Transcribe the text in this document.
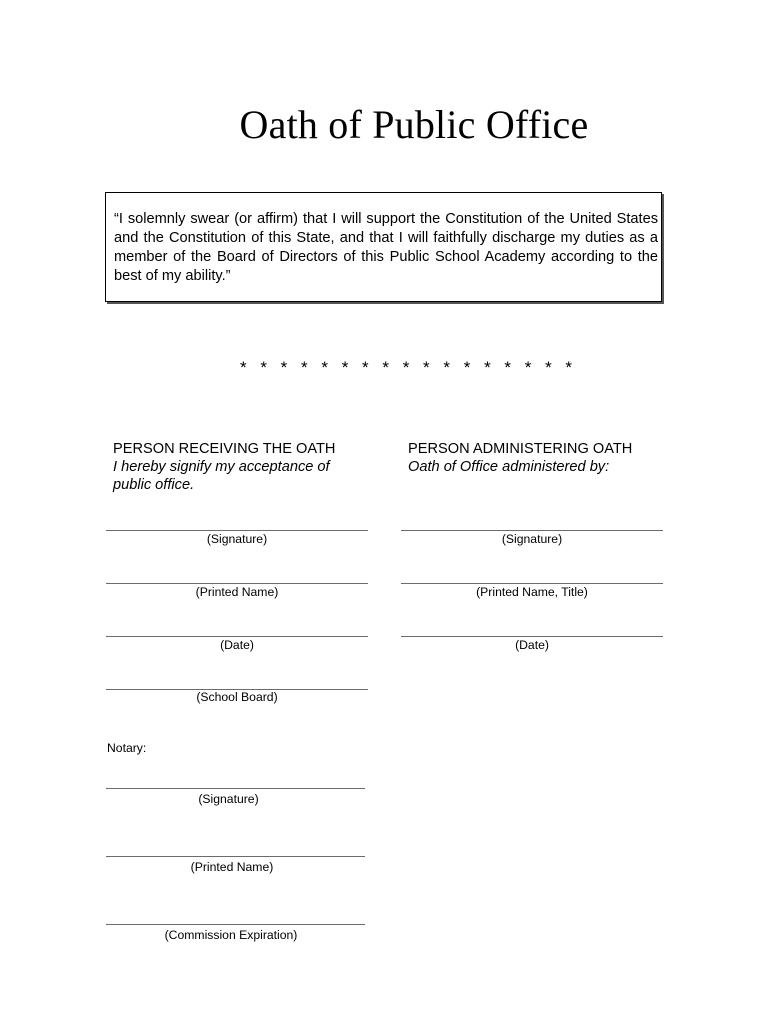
Oath of Public Office

“I solemnly swear (or affirm) that I will support the Constitution of the United States and the Constitution of this State, and that I will faithfully discharge my duties as a member of the Board of Directors of this Public School Academy according to the best of my ability.”

* * * * * * * * * * * * * * * * *
PERSON RECEIVING THE OATH
I hereby signify my acceptance of public office.
(Signature)
(Printed Name)
(Date)
(School Board)
PERSON ADMINISTERING OATH
Oath of Office administered by:
(Signature)
(Printed Name, Title)
(Date)
Notary:
(Signature)
(Printed Name)
(Commission Expiration)
